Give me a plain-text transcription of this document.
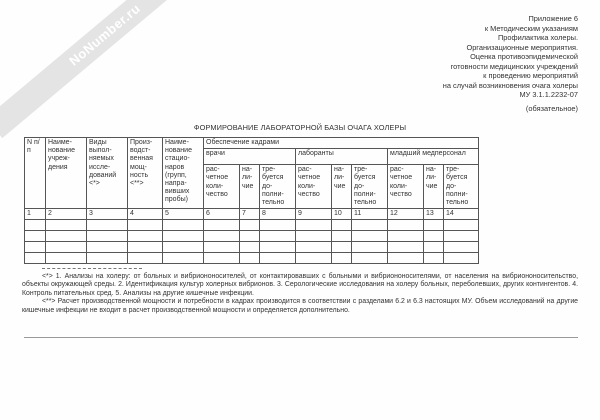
NoNumber.ru	Приложение 6
к Методическим указаниям
Профилактика холеры.
Организационные мероприятия.
Оценка противоэпидемической
готовности медицинских учреждений
к проведению мероприятий
на случай возникновения очага холеры
МУ 3.1.1.2232-07
(обязательное)
ФОРМИРОВАНИЕ ЛАБОРАТОРНОЙ БАЗЫ ОЧАГА ХОЛЕРЫ
N п/п	Наиме- нование учреж- дения	Виды выпол- няемых иссле- дований <*>	Произ- водст- венная мощ- ность <**>	Наиме- нование стацио- наров (групп, напра- вивших пробы)	Обеспечение кадрами								
					врачи			лаборанты			младший медперсонал		
					рас- четное коли- чество	на- ли- чие	тре- буется до- полни- тельно	рас- четное коли- чество	на- ли- чие	тре- буется до- полни- тельно	рас- четное коли- чество	на- ли- чие	тре- буется до- полни- тельно
1	2	3	4	5	6	7	8	9	10	11	12	13	14

<*> 1. Анализы на холеру: от больных и вибриононосителей, от контактировавших с больными и вибриононосителями, от населения на вибриононосительство, объекты окружающей среды. 2. Идентификация культур холерных вибрионов. 3. Серологические исследования на холеру больных, переболевших, других контингентов. 4. Контроль питательных сред. 5. Анализы на другие кишечные инфекции.

<**> Расчет производственной мощности и потребности в кадрах производится в соответствии с разделами 6.2 и 6.3 настоящих МУ. Объем исследований на другие кишечные инфекции не входит в расчет производственной мощности и определяется дополнительно.
